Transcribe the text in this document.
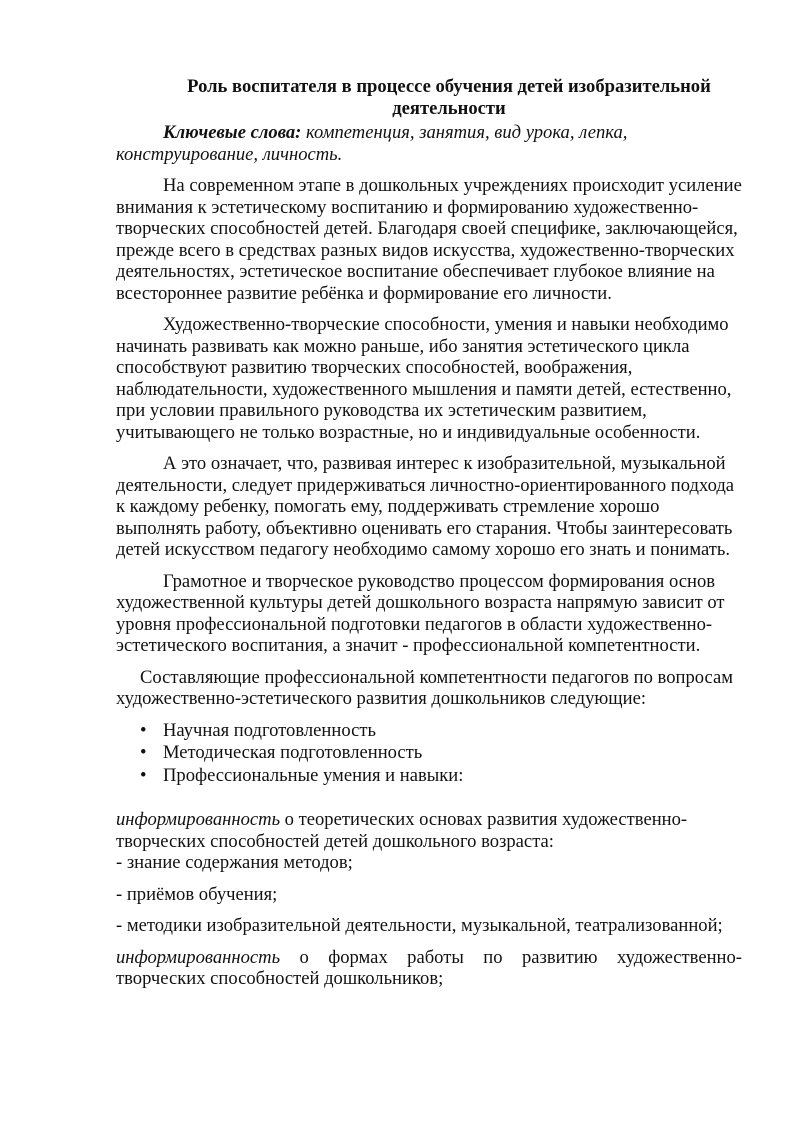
Роль воспитателя в процессе обучения детей изобразительной
деятельности

Ключевые слова: компетенция, занятия, вид урока, лепка, конструирование, личность.

На современном этапе в дошкольных учреждениях происходит усиление внимания к эстетическому воспитанию и формированию художественно-творческих способностей детей. Благодаря своей специфике, заключающейся, прежде всего в средствах разных видов искусства, художественно-творческих деятельностях, эстетическое воспитание обеспечивает глубокое влияние на всестороннее развитие ребёнка и формирование его личности.

Художественно-творческие способности, умения и навыки необходимо начинать развивать как можно раньше, ибо занятия эстетического цикла способствуют развитию творческих способностей, воображения, наблюдательности, художественного мышления и памяти детей, естественно, при условии правильного руководства их эстетическим развитием, учитывающего не только возрастные, но и индивидуальные особенности.

А это означает, что, развивая интерес к изобразительной, музыкальной деятельности, следует придерживаться личностно-ориентированного подхода к каждому ребенку, помогать ему, поддерживать стремление хорошо выполнять работу, объективно оценивать его старания. Чтобы заинтересовать детей искусством педагогу необходимо самому хорошо его знать и понимать.

Грамотное и творческое руководство процессом формирования основ художественной культуры детей дошкольного возраста напрямую зависит от уровня профессиональной подготовки педагогов в области художественно-эстетического воспитания, а значит - профессиональной компетентности.

Составляющие профессиональной компетентности педагогов по вопросам художественно-эстетического развития дошкольников следующие:

• Научная подготовленность
• Методическая подготовленность
• Профессиональные умения и навыки:

информированность о теоретических основах развития художественно-творческих способностей детей дошкольного возраста:

- знание содержания методов;

- приёмов обучения;

- методики изобразительной деятельности, музыкальной, театрализованной;

информированность о формах работы по развитию художественно-творческих способностей дошкольников;
